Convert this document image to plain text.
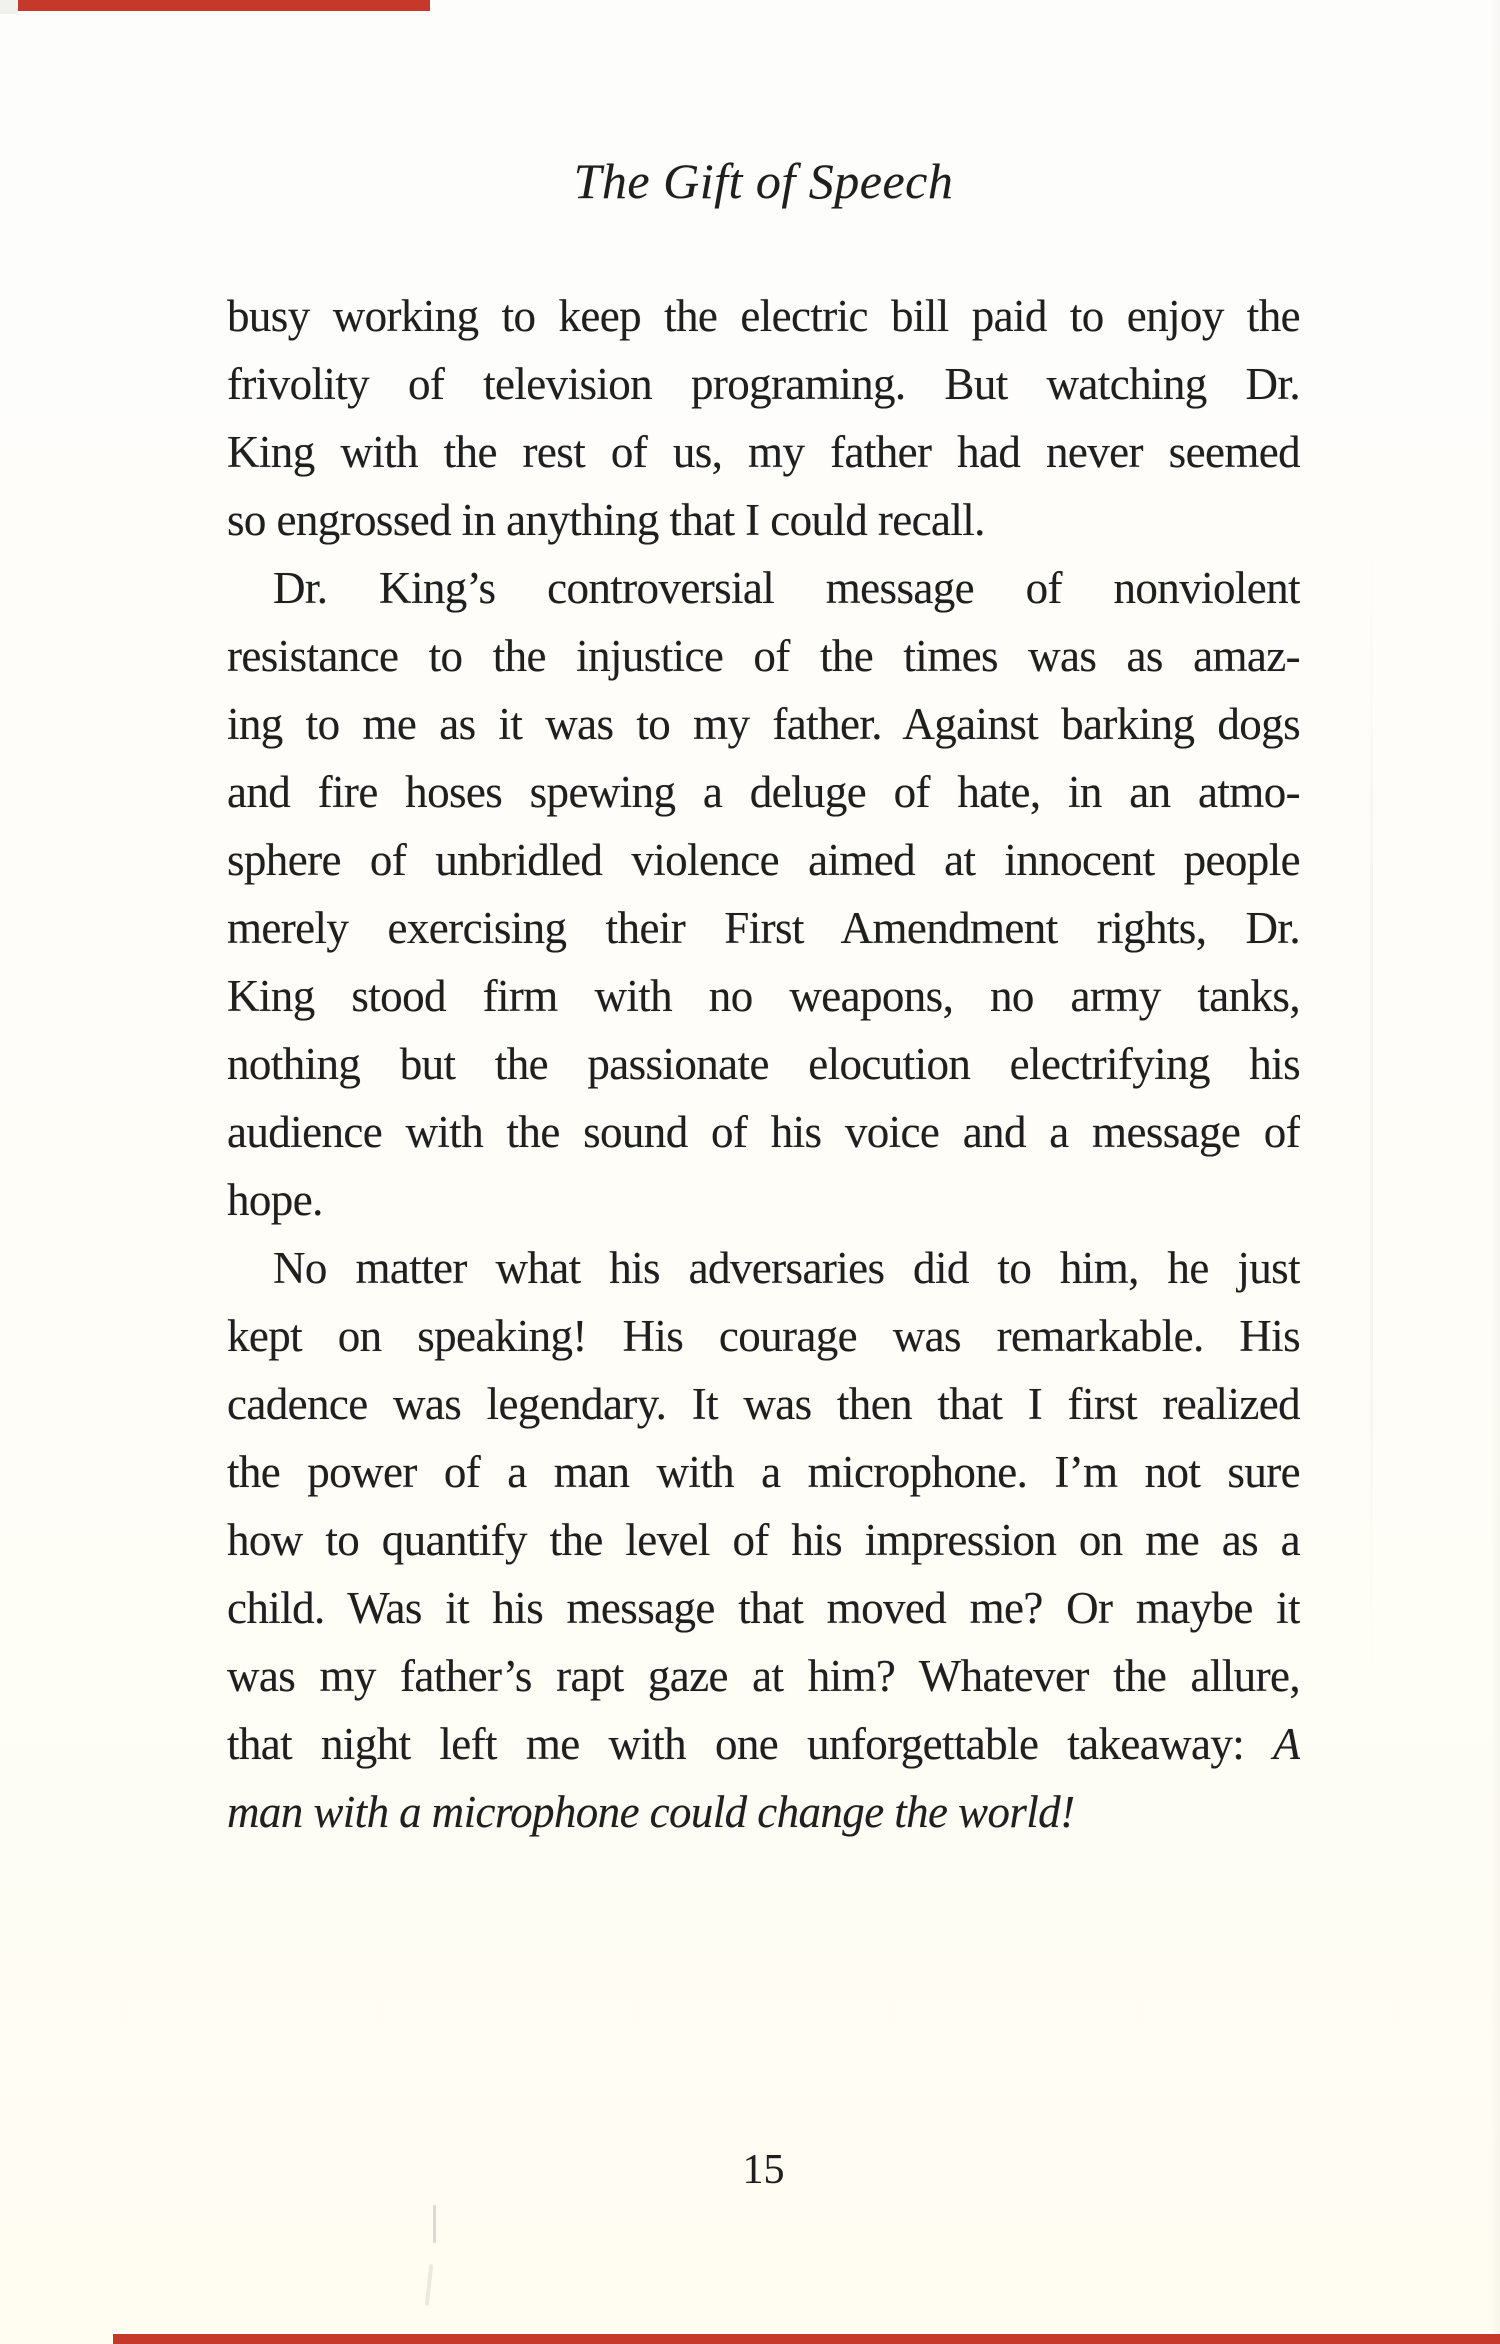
The Gift of Speech
busy working to keep the electric bill paid to enjoy the
frivolity of television programing. But watching Dr.
King with the rest of us, my father had never seemed
so engrossed in anything that I could recall.
Dr. King’s controversial message of nonviolent
resistance to the injustice of the times was as amaz-
ing to me as it was to my father. Against barking dogs
and fire hoses spewing a deluge of hate, in an atmo-
sphere of unbridled violence aimed at innocent people
merely exercising their First Amendment rights, Dr.
King stood firm with no weapons, no army tanks,
nothing but the passionate elocution electrifying his
audience with the sound of his voice and a message of
hope.
No matter what his adversaries did to him, he just
kept on speaking! His courage was remarkable. His
cadence was legendary. It was then that I first realized
the power of a man with a microphone. I’m not sure
how to quantify the level of his impression on me as a
child. Was it his message that moved me? Or maybe it
was my father’s rapt gaze at him? Whatever the allure,
that night left me with one unforgettable takeaway: A
man with a microphone could change the world!
15
